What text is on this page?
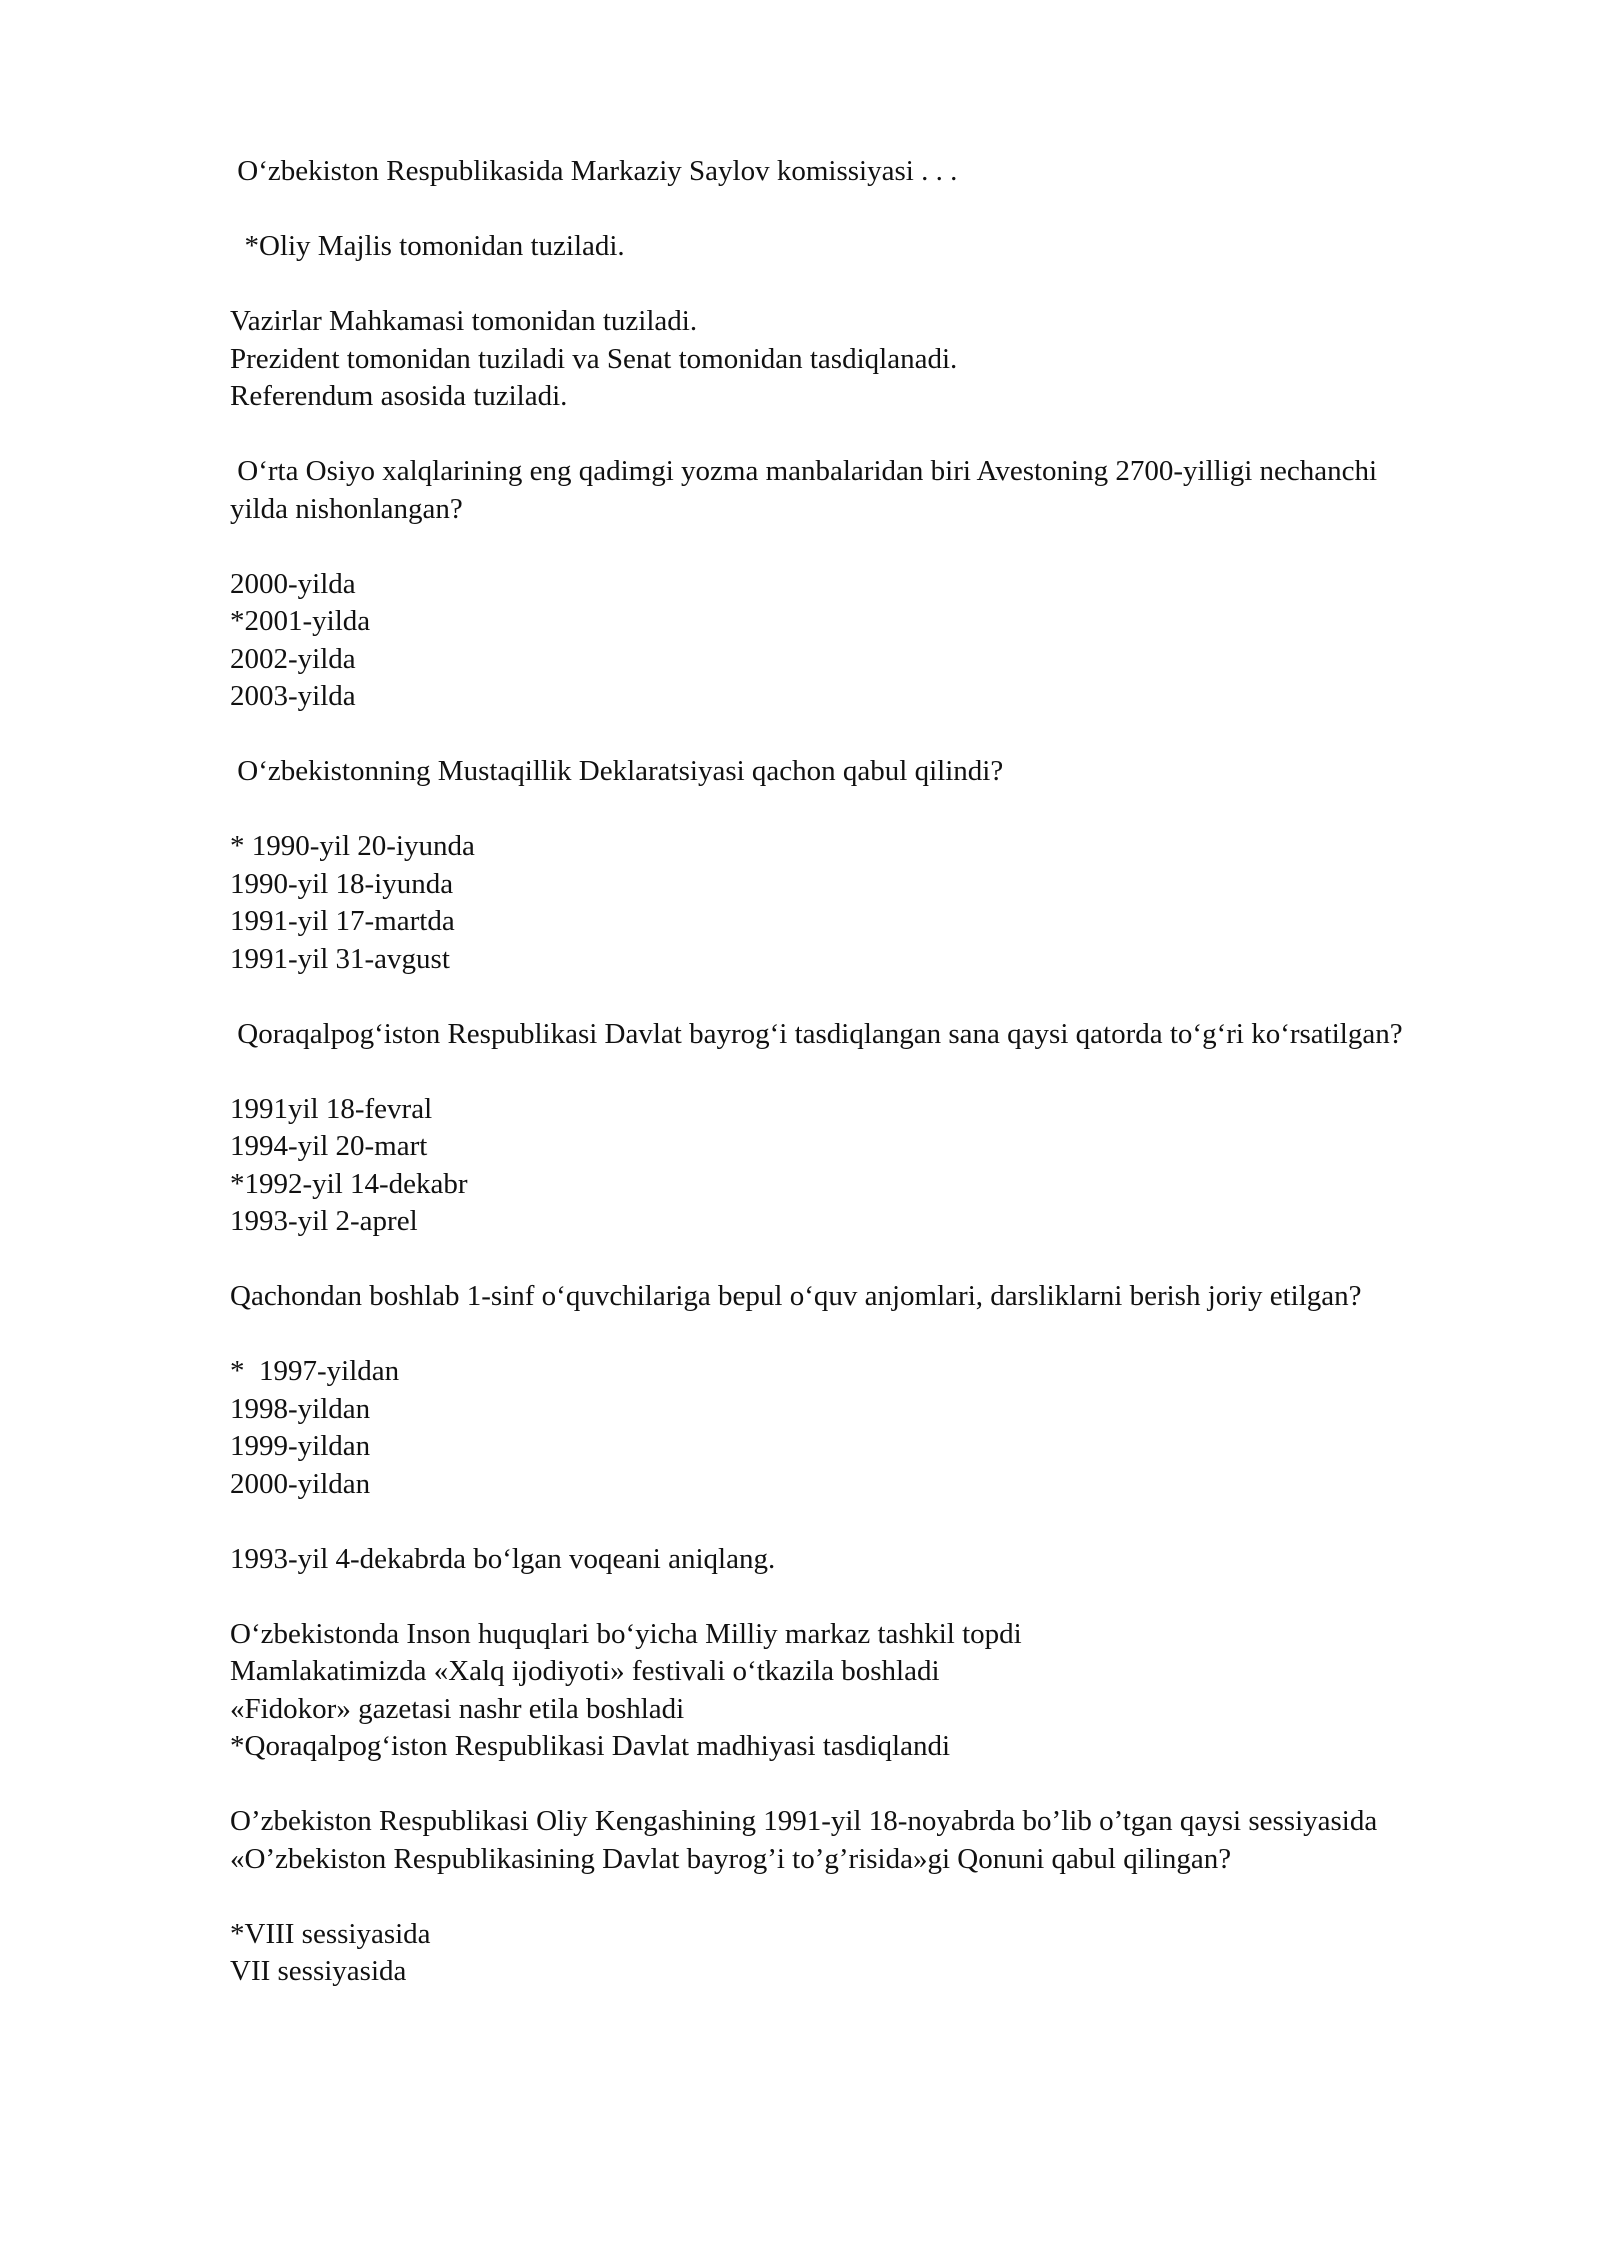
O‘zbekiston Respublikasida Markaziy Saylov komissiyasi . . .
*Oliy Majlis tomonidan tuziladi.
Vazirlar Mahkamasi tomonidan tuziladi.
Prezident tomonidan tuziladi va Senat tomonidan tasdiqlanadi.
Referendum asosida tuziladi.
O‘rta Osiyo xalqlarining eng qadimgi yozma manbalaridan biri Avestoning 2700-yilligi nechanchi yilda nishonlangan?
2000-yilda
*2001-yilda
2002-yilda
2003-yilda
O‘zbekistonning Mustaqillik Deklaratsiyasi qachon qabul qilindi?
* 1990-yil 20-iyunda
1990-yil 18-iyunda
1991-yil 17-martda
1991-yil 31-avgust
Qoraqalpog‘iston Respublikasi Davlat bayrog‘i tasdiqlangan sana qaysi qatorda to‘g‘ri ko‘rsatilgan?
1991yil 18-fevral
1994-yil 20-mart
*1992-yil 14-dekabr
1993-yil 2-aprel
Qachondan boshlab 1-sinf o‘quvchilariga bepul o‘quv anjomlari, darsliklarni berish joriy etilgan?
*  1997-yildan
1998-yildan
1999-yildan
2000-yildan
1993-yil 4-dekabrda bo‘lgan voqeani aniqlang.
O‘zbekistonda Inson huquqlari bo‘yicha Milliy markaz tashkil topdi
Mamlakatimizda «Xalq ijodiyoti» festivali o‘tkazila boshladi
«Fidokor» gazetasi nashr etila boshladi
*Qoraqalpog‘iston Respublikasi Davlat madhiyasi tasdiqlandi
O’zbekiston Respublikasi Oliy Kengashining 1991-yil 18-noyabrda bo’lib o’tgan qaysi sessiyasida «O’zbekiston Respublikasining Davlat bayrog’i to’g’risida»gi Qonuni qabul qilingan?
*VIII sessiyasida
VII sessiyasida
